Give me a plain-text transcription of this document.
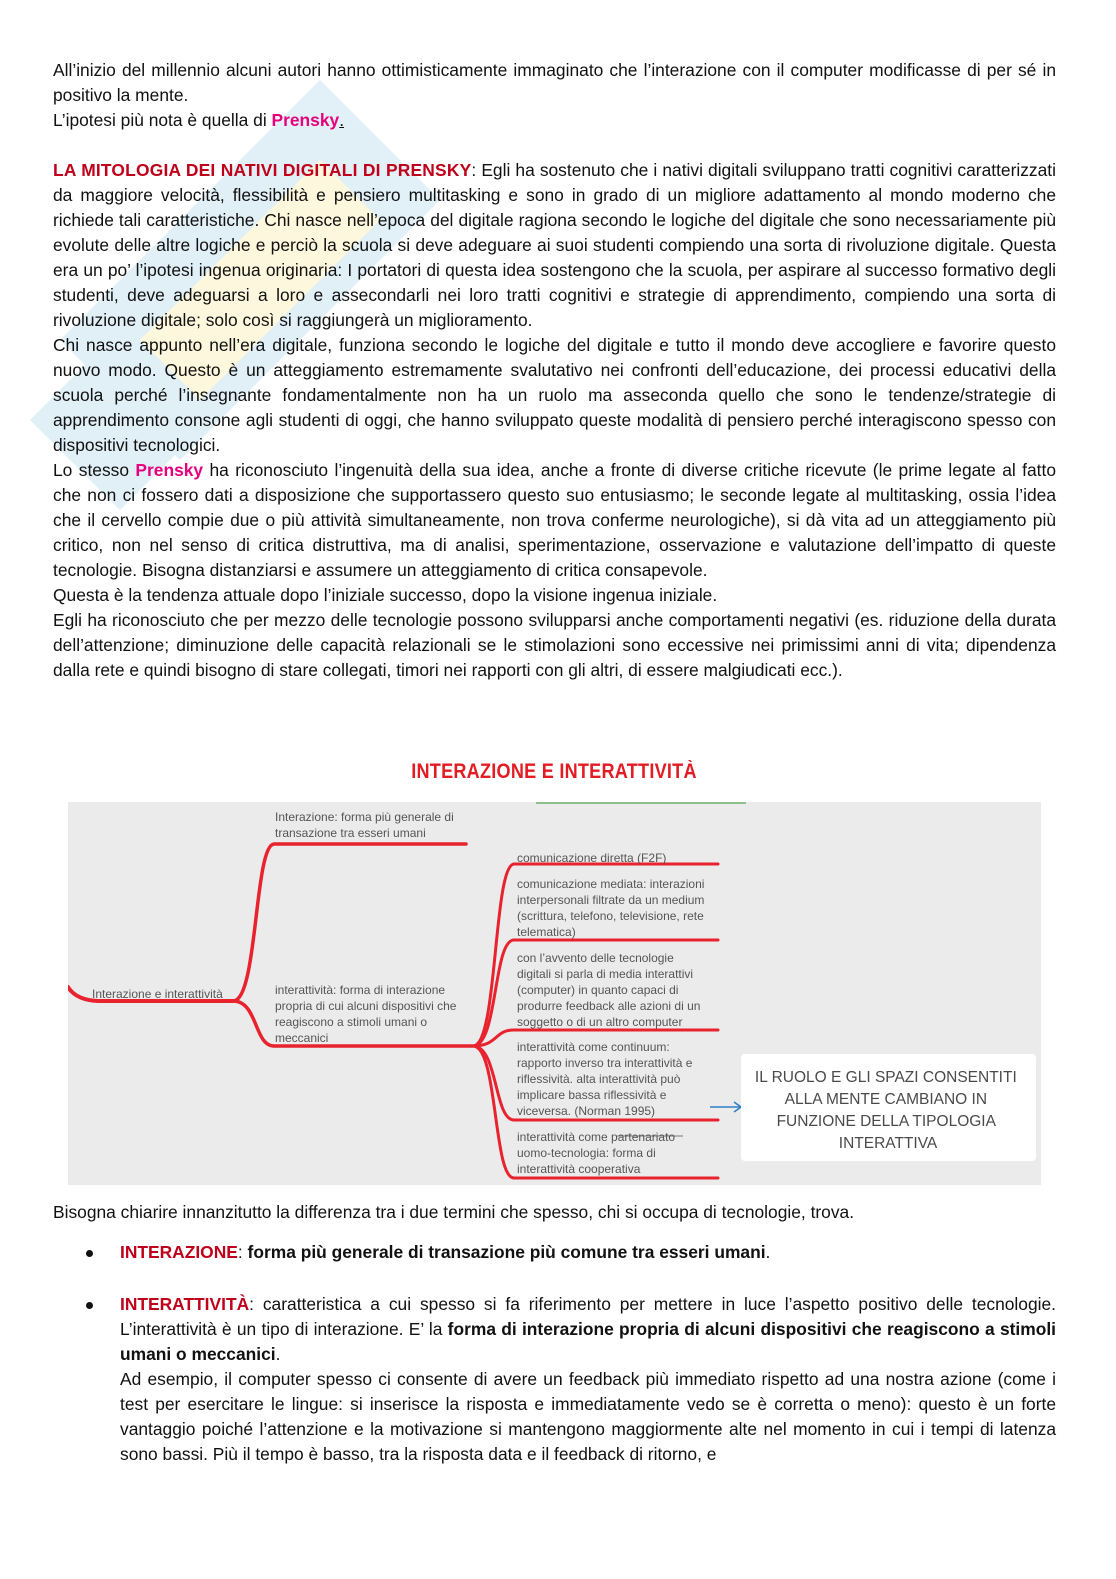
All’inizio del millennio alcuni autori hanno ottimisticamente immaginato che l’interazione con il computer modificasse di per sé in positivo la mente.

L’ipotesi più nota è quella di Prensky.

LA MITOLOGIA DEI NATIVI DIGITALI DI PRENSKY: Egli ha sostenuto che i nativi digitali sviluppano tratti cognitivi caratterizzati da maggiore velocità, flessibilità e pensiero multitasking e sono in grado di un migliore adattamento al mondo moderno che richiede tali caratteristiche. Chi nasce nell’epoca del digitale ragiona secondo le logiche del digitale che sono necessariamente più evolute delle altre logiche e perciò la scuola si deve adeguare ai suoi studenti compiendo una sorta di rivoluzione digitale. Questa era un po’ l’ipotesi ingenua originaria: I portatori di questa idea sostengono che la scuola, per aspirare al successo formativo degli studenti, deve adeguarsi a loro e assecondarli nei loro tratti cognitivi e strategie di apprendimento, compiendo una sorta di rivoluzione digitale; solo così si raggiungerà un miglioramento.

Chi nasce appunto nell’era digitale, funziona secondo le logiche del digitale e tutto il mondo deve accogliere e favorire questo nuovo modo. Questo è un atteggiamento estremamente svalutativo nei confronti dell’educazione, dei processi educativi della scuola perché l’insegnante fondamentalmente non ha un ruolo ma asseconda quello che sono le tendenze/strategie di apprendimento consone agli studenti di oggi, che hanno sviluppato queste modalità di pensiero perché interagiscono spesso con dispositivi tecnologici.

Lo stesso Prensky ha riconosciuto l’ingenuità della sua idea, anche a fronte di diverse critiche ricevute (le prime legate al fatto che non ci fossero dati a disposizione che supportassero questo suo entusiasmo; le seconde legate al multitasking, ossia l’idea che il cervello compie due o più attività simultaneamente, non trova conferme neurologiche), si dà vita ad un atteggiamento più critico, non nel senso di critica distruttiva, ma di analisi, sperimentazione, osservazione e valutazione dell’impatto di queste tecnologie. Bisogna distanziarsi e assumere un atteggiamento di critica consapevole.

Questa è la tendenza attuale dopo l’iniziale successo, dopo la visione ingenua iniziale.

Egli ha riconosciuto che per mezzo delle tecnologie possono svilupparsi anche comportamenti negativi (es. riduzione della durata dell’attenzione; diminuzione delle capacità relazionali se le stimolazioni sono eccessive nei primissimi anni di vita; dipendenza dalla rete e quindi bisogno di stare collegati, timori nei rapporti con gli altri, di essere malgiudicati ecc.).

INTERAZIONE E INTERATTIVITÀ
Interazione e interattività
Interazione: forma più generale di transazione tra esseri umani
interattività: forma di interazione propria di cui alcuni dispositivi che reagiscono a stimoli umani o meccanici
comunicazione diretta (F2F)
comunicazione mediata: interazioni interpersonali filtrate da un medium (scrittura, telefono, televisione, rete telematica)
con l’avvento delle tecnologie digitali si parla di media interattivi (computer) in quanto capaci di produrre feedback alle azioni di un soggetto o di un altro computer
interattività come continuum: rapporto inverso tra interattività e riflessività. alta interattività può implicare bassa riflessività e viceversa. (Norman 1995)
interattività come partenariato uomo-tecnologia: forma di interattività cooperativa
IL RUOLO E GLI SPAZI CONSENTITI ALLA MENTE CAMBIANO IN FUNZIONE DELLA TIPOLOGIA INTERATTIVA
Bisogna chiarire innanzitutto la differenza tra i due termini che spesso, chi si occupa di tecnologie, trova.
INTERAZIONE: forma più generale di transazione più comune tra esseri umani.
INTERATTIVITÀ: caratteristica a cui spesso si fa riferimento per mettere in luce l’aspetto positivo delle tecnologie. L’interattività è un tipo di interazione. E’ la forma di interazione propria di alcuni dispositivi che reagiscono a stimoli umani o meccanici.
Ad esempio, il computer spesso ci consente di avere un feedback più immediato rispetto ad una nostra azione (come i test per esercitare le lingue: si inserisce la risposta e immediatamente vedo se è corretta o meno): questo è un forte vantaggio poiché l’attenzione e la motivazione si mantengono maggiormente alte nel momento in cui i tempi di latenza sono bassi. Più il tempo è basso, tra la risposta data e il feedback di ritorno, e
